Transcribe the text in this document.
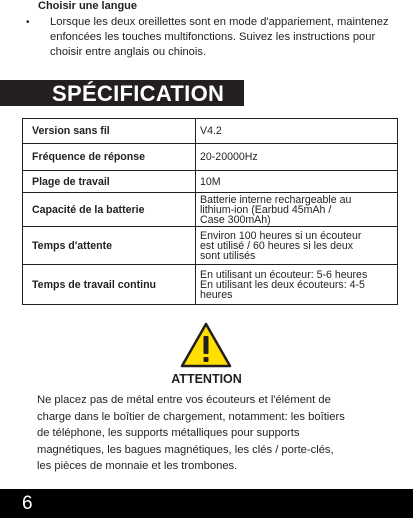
Choisir une langue
•	Lorsque les deux oreillettes sont en mode d'appariement, maintenez enfoncées les touches multifonctions. Suivez les instructions pour choisir entre anglais ou chinois.
SPÉCIFICATION
Version sans fil	V4.2

Fréquence de réponse	20-20000Hz

Plage de travail	10M

Capacité de la batterie	Batterie interne rechargeable au
lithium-ion (Earbud 45mAh /
Case 300mAh)

Temps d'attente	Environ 100 heures si un écouteur
est utilisé / 60 heures si les deux
sont utilisés

Temps de travail continu	En utilisant un écouteur: 5-6 heures
En utilisant les deux écouteurs: 4-5
heures
ATTENTION
Ne placez pas de métal entre vos écouteurs et l'élément de
charge dans le boîtier de chargement, notamment: les boîtiers
de téléphone, les supports métalliques pour supports
magnétiques, les bagues magnétiques, les clés / porte-clés,
les pièces de monnaie et les trombones.
6
